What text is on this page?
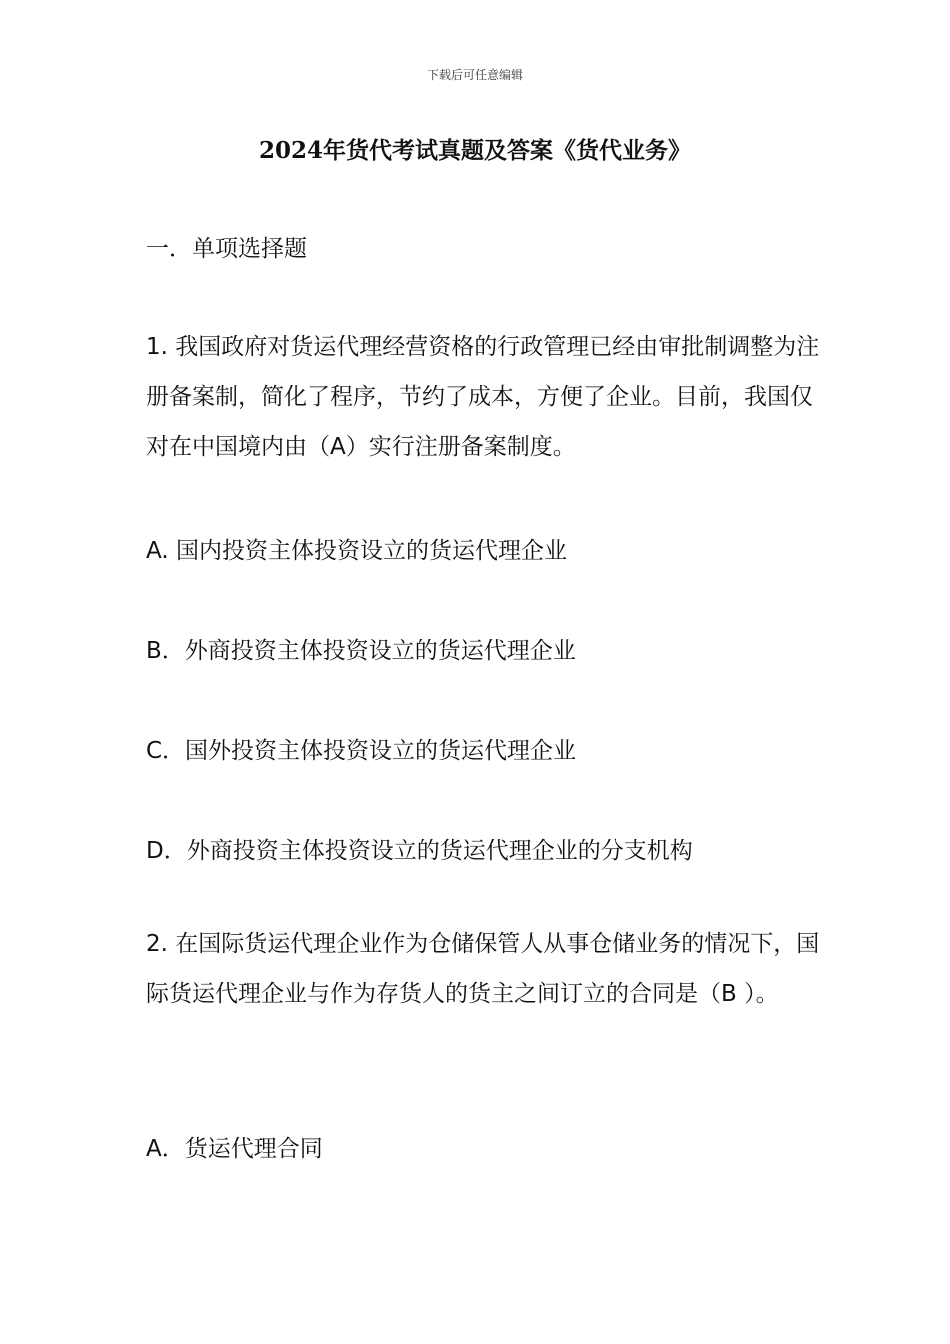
下载后可任意编辑
2024年货代考试真题及答案《货代业务》
一．单项选择题

1. 我国政府对货运代理经营资格的行政管理已经由审批制调整为注册备案制，简化了程序，节约了成本，方便了企业。目前，我国仅对在中国境内由（A）实行注册备案制度。

A. 国内投资主体投资设立的货运代理企业
B．外商投资主体投资设立的货运代理企业
C．国外投资主体投资设立的货运代理企业
D．外商投资主体投资设立的货运代理企业的分支机构

2. 在国际货运代理企业作为仓储保管人从事仓储业务的情况下，国际货运代理企业与作为存货人的货主之间订立的合同是（B ）。

A．货运代理合同
